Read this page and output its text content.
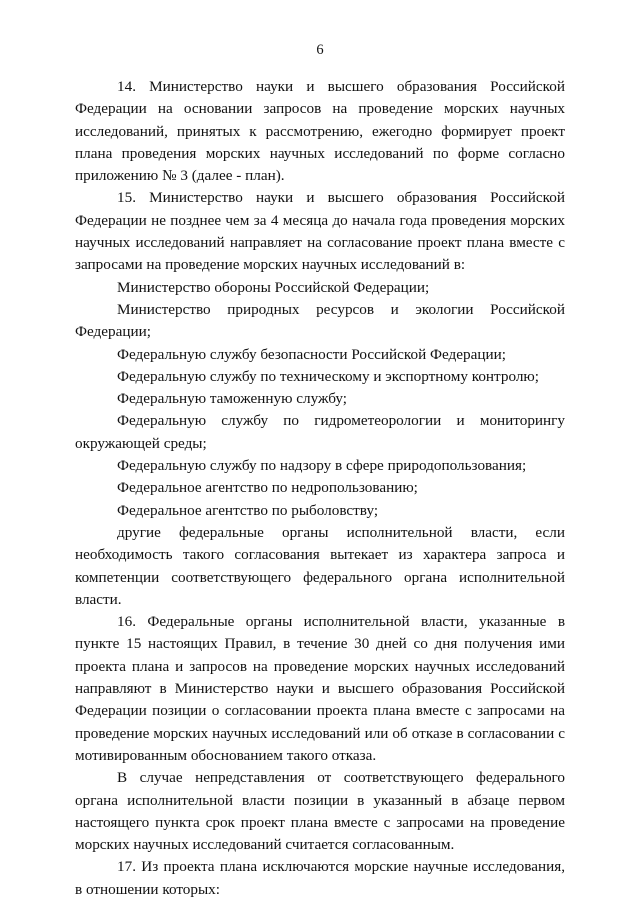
6

14. Министерство науки и высшего образования Российской Федерации на основании запросов на проведение морских научных исследований, принятых к рассмотрению, ежегодно формирует проект плана проведения морских научных исследований по форме согласно приложению № 3 (далее - план).

15. Министерство науки и высшего образования Российской Федерации не позднее чем за 4 месяца до начала года проведения морских научных исследований направляет на согласование проект плана вместе с запросами на проведение морских научных исследований в:

Министерство обороны Российской Федерации;

Министерство природных ресурсов и экологии Российской Федерации;

Федеральную службу безопасности Российской Федерации;

Федеральную службу по техническому и экспортному контролю;

Федеральную таможенную службу;

Федеральную службу по гидрометеорологии и мониторингу окружающей среды;

Федеральную службу по надзору в сфере природопользования;

Федеральное агентство по недропользованию;

Федеральное агентство по рыболовству;

другие федеральные органы исполнительной власти, если необходимость такого согласования вытекает из характера запроса и компетенции соответствующего федерального органа исполнительной власти.

16. Федеральные органы исполнительной власти, указанные в пункте 15 настоящих Правил, в течение 30 дней со дня получения ими проекта плана и запросов на проведение морских научных исследований направляют в Министерство науки и высшего образования Российской Федерации позиции о согласовании проекта плана вместе с запросами на проведение морских научных исследований или об отказе в согласовании с мотивированным обоснованием такого отказа.

В случае непредставления от соответствующего федерального органа исполнительной власти позиции в указанный в абзаце первом настоящего пункта срок проект плана вместе с запросами на проведение морских научных исследований считается согласованным.

17. Из проекта плана исключаются морские научные исследования, в отношении которых:
